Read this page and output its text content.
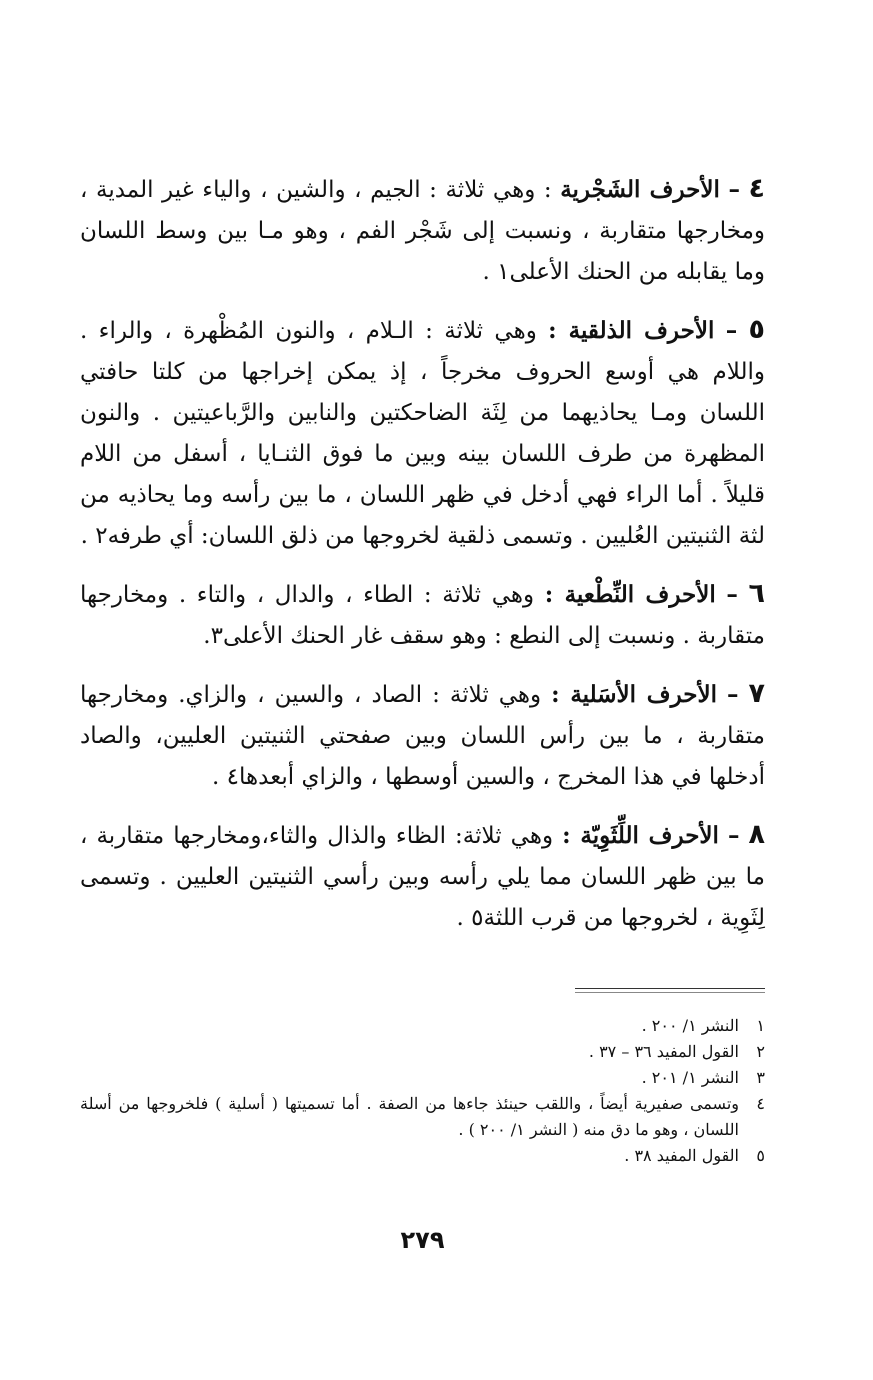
٤ – الأحرف الشَجْرية : وهي ثلاثة : الجيم ، والشين ، والياء غير المدية ، ومخارجها متقاربة ، ونسبت إلى شَجْر الفم ، وهو مـا بين وسط اللسان وما يقابله من الحنك الأعلى١ .

٥ – الأحرف الذلقية : وهي ثلاثة : الـلام ، والنون المُظْهرة ، والراء . واللام هي أوسع الحروف مخرجاً ، إذ يمكن إخراجها من كلتا حافتي اللسان ومـا يحاذيهما من لِثَة الضاحكتين والنابين والرَّباعيتين . والنون المظهرة من طرف اللسان بينه وبين ما فوق الثنـايا ، أسفل من اللام قليلاً . أما الراء فهي أدخل في ظهر اللسان ، ما بين رأسه وما يحاذيه من لثة الثنيتين العُليين . وتسمى ذلقية لخروجها من ذلق اللسان: أي طرفه٢ .

٦ – الأحرف النِّطْعية : وهي ثلاثة : الطاء ، والدال ، والتاء . ومخارجها متقاربة . ونسبت إلى النطع : وهو سقف غار الحنك الأعلى٣.

٧ – الأحرف الأسَلية : وهي ثلاثة : الصاد ، والسين ، والزاي. ومخارجها متقاربة ، ما بين رأس اللسان وبين صفحتي الثنيتين العليين، والصاد أدخلها في هذا المخرج ، والسين أوسطها ، والزاي أبعدها٤ .

٨ – الأحرف اللِّثَوِيّة : وهي ثلاثة: الظاء والذال والثاء،ومخارجها متقاربة ، ما بين ظهر اللسان مما يلي رأسه وبين رأسي الثنيتين العليين . وتسمى لِثَوِية ، لخروجها من قرب اللثة٥ .

١
النشر ١/ ٢٠٠ .

٢
القول المفيد ٣٦ – ٣٧ .

٣
النشر ١/ ٢٠١ .

٤
وتسمى صفيرية أيضاً ، واللقب حينئذ جاءها من الصفة . أما تسميتها ( أسلية ) فلخروجها من أسلة اللسان ، وهو ما دق منه ( النشر ١/ ٢٠٠ ) .

٥
القول المفيد ٣٨ .

٢٧٩
